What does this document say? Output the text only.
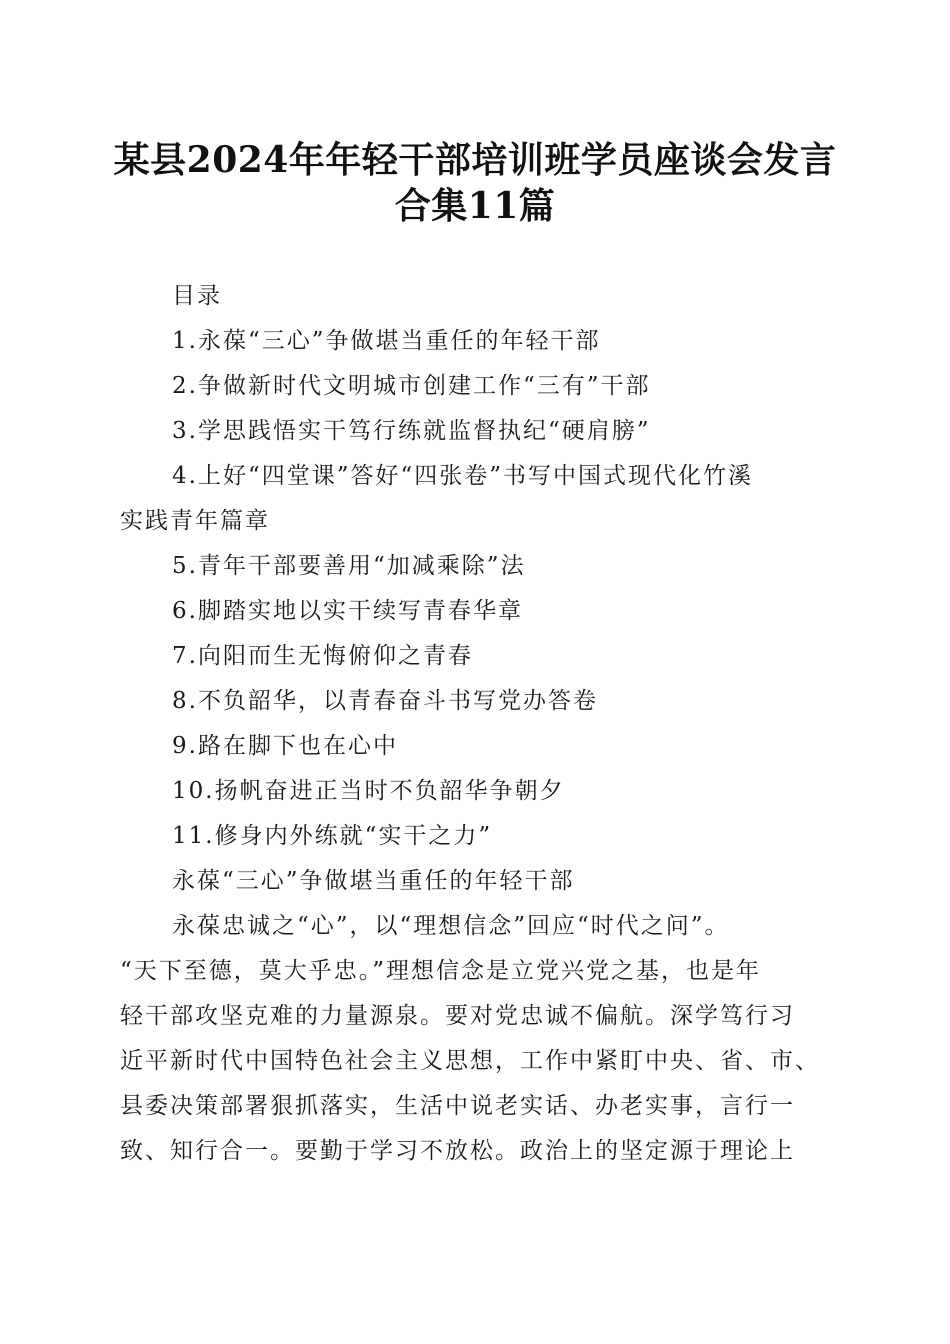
某县2024年年轻干部培训班学员座谈会发言
合集11篇
目录
1.永葆“三心”争做堪当重任的年轻干部
2.争做新时代文明城市创建工作“三有”干部
3.学思践悟实干笃行练就监督执纪“硬肩膀”
4.上好“四堂课”答好“四张卷”书写中国式现代化竹溪
实践青年篇章
5.青年干部要善用“加减乘除”法
6.脚踏实地以实干续写青春华章
7.向阳而生无悔俯仰之青春
8.不负韶华，以青春奋斗书写党办答卷
9.路在脚下也在心中
10.扬帆奋进正当时不负韶华争朝夕
11.修身内外练就“实干之力”
永葆“三心”争做堪当重任的年轻干部
永葆忠诚之“心”，以“理想信念”回应“时代之问”。
“天下至德，莫大乎忠。”理想信念是立党兴党之基，也是年
轻干部攻坚克难的力量源泉。要对党忠诚不偏航。深学笃行习
近平新时代中国特色社会主义思想，工作中紧盯中央、省、市、
县委决策部署狠抓落实，生活中说老实话、办老实事，言行一
致、知行合一。要勤于学习不放松。政治上的坚定源于理论上
